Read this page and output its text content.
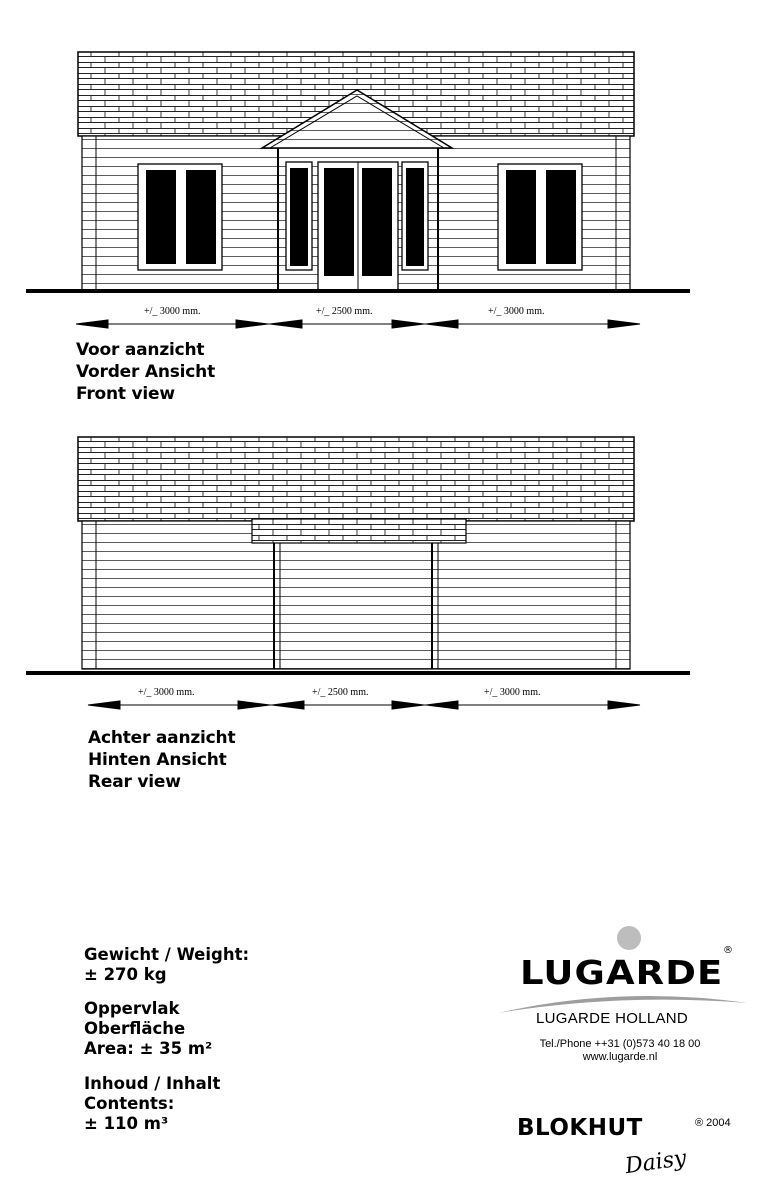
+/_ 3000 mm.	+/_ 2500 mm.	+/_ 3000 mm.
Voor aanzicht
Vorder Ansicht
Front view
+/_ 3000 mm.	+/_ 2500 mm.	+/_ 3000 mm.
Achter aanzicht
Hinten Ansicht
Rear view
Gewicht / Weight:
± 270 kg
Oppervlak
Oberfläche
Area: ± 35 m²
Inhoud / Inhalt
Contents:
± 110 m³
LUGARDE
®
LUGARDE HOLLAND
Tel./Phone ++31 (0)573 40 18 00
www.lugarde.nl
BLOKHUT	® 2004
Daisy
